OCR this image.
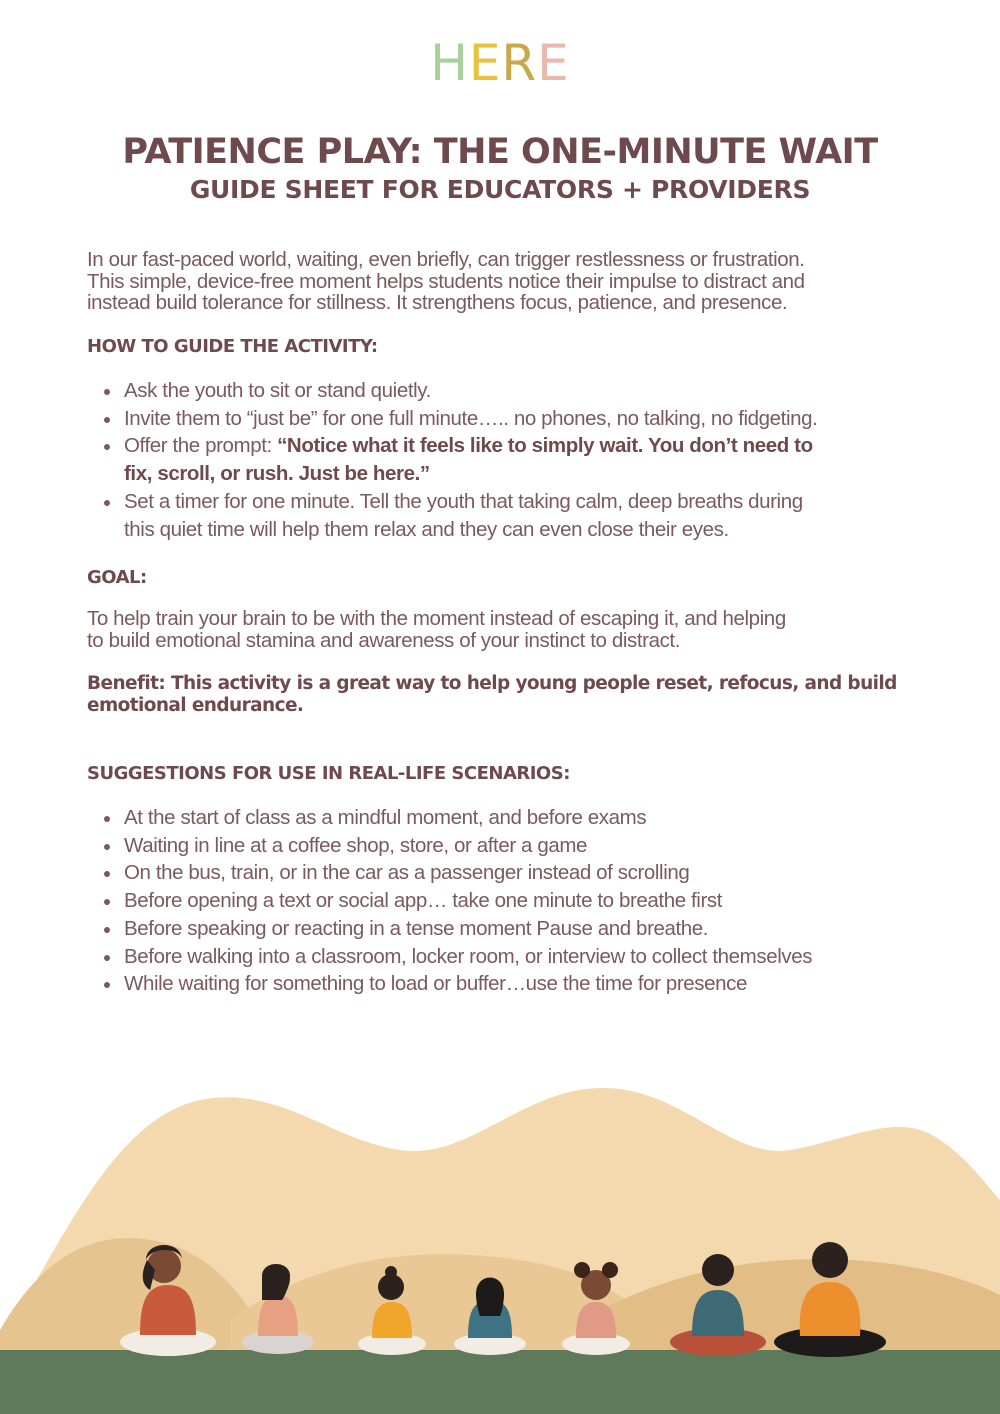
HERE
PATIENCE PLAY: THE ONE-MINUTE WAIT
GUIDE SHEET FOR EDUCATORS + PROVIDERS

In our fast-paced world, waiting, even briefly, can trigger restlessness or frustration.

This simple, device-free moment helps students notice their impulse to distract and

instead build tolerance for stillness. It strengthens focus, patience, and presence.

HOW TO GUIDE THE ACTIVITY:

Ask the youth to sit or stand quietly.
Invite them to “just be” for one full minute….. no phones, no talking, no fidgeting.
Offer the prompt: “Notice what it feels like to simply wait. You don’t need to
fix, scroll, or rush. Just be here.”
Set a timer for one minute. Tell the youth that taking calm, deep breaths during
this quiet time will help them relax and they can even close their eyes.

GOAL:

To help train your brain to be with the moment instead of escaping it, and helping

to build emotional stamina and awareness of your instinct to distract.

Benefit: This activity is a great way to help young people reset, refocus, and build

emotional endurance.

SUGGESTIONS FOR USE IN REAL-LIFE SCENARIOS:

At the start of class as a mindful moment, and before exams
Waiting in line at a coffee shop, store, or after a game
On the bus, train, or in the car as a passenger instead of scrolling
Before opening a text or social app… take one minute to breathe first
Before speaking or reacting in a tense moment Pause and breathe.
Before walking into a classroom, locker room, or interview to collect themselves
While waiting for something to load or buffer…use the time for presence
